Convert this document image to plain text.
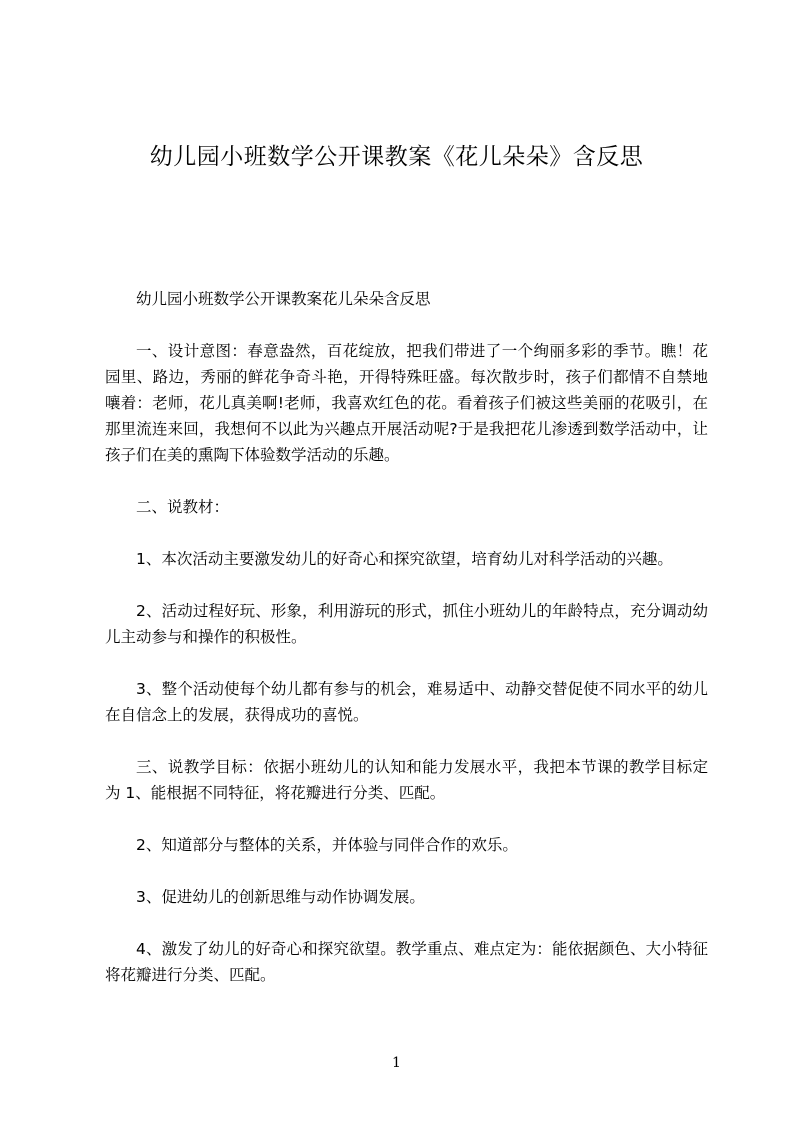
幼儿园小班数学公开课教案《花儿朵朵》含反思

幼儿园小班数学公开课教案花儿朵朵含反思

一、设计意图：春意盎然，百花绽放，把我们带进了一个绚丽多彩的季节。瞧！花园里、路边，秀丽的鲜花争奇斗艳，开得特殊旺盛。每次散步时，孩子们都情不自禁地嚷着：老师，花儿真美啊!老师，我喜欢红色的花。看着孩子们被这些美丽的花吸引，在那里流连来回，我想何不以此为兴趣点开展活动呢?于是我把花儿渗透到数学活动中，让孩子们在美的熏陶下体验数学活动的乐趣。

二、说教材：

1、本次活动主要激发幼儿的好奇心和探究欲望，培育幼儿对科学活动的兴趣。

2、活动过程好玩、形象，利用游玩的形式，抓住小班幼儿的年龄特点，充分调动幼儿主动参与和操作的积极性。

3、整个活动使每个幼儿都有参与的机会，难易适中、动静交替促使不同水平的幼儿在自信念上的发展，获得成功的喜悦。

三、说教学目标：依据小班幼儿的认知和能力发展水平，我把本节课的教学目标定为 1、能根据不同特征，将花瓣进行分类、匹配。

2、知道部分与整体的关系，并体验与同伴合作的欢乐。

3、促进幼儿的创新思维与动作协调发展。

4、激发了幼儿的好奇心和探究欲望。教学重点、难点定为：能依据颜色、大小特征将花瓣进行分类、匹配。

1
